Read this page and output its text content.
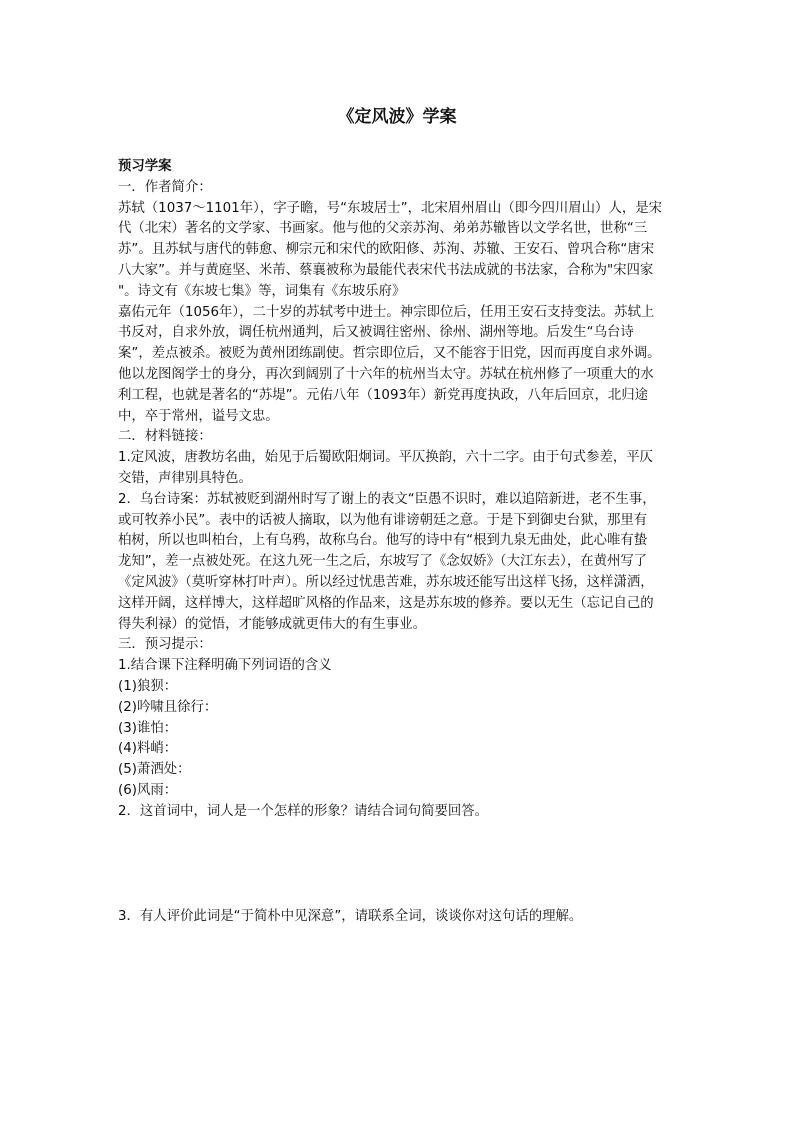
《定风波》学案

预习学案

一．作者简介：

苏轼（1037～1101年），字子瞻，号“东坡居士”，北宋眉州眉山（即今四川眉山）人，是宋

代（北宋）著名的文学家、书画家。他与他的父亲苏洵、弟弟苏辙皆以文学名世，世称“三

苏”。且苏轼与唐代的韩愈、柳宗元和宋代的欧阳修、苏洵、苏辙、王安石、曾巩合称“唐宋

八大家”。并与黄庭坚、米芾、蔡襄被称为最能代表宋代书法成就的书法家，合称为"宋四家

"。诗文有《东坡七集》等，词集有《东坡乐府》

嘉佑元年（1056年），二十岁的苏轼考中进士。神宗即位后，任用王安石支持变法。苏轼上

书反对，自求外放，调任杭州通判，后又被调往密州、徐州、湖州等地。后发生“乌台诗

案”，差点被杀。被贬为黄州团练副使。哲宗即位后，又不能容于旧党，因而再度自求外调。

他以龙图阁学士的身分，再次到阔别了十六年的杭州当太守。苏轼在杭州修了一项重大的水

利工程，也就是著名的“苏堤”。元佑八年（1093年）新党再度执政，八年后回京，北归途

中，卒于常州，谥号文忠。

二．材料链接：

1.定风波，唐教坊名曲，始见于后蜀欧阳炯词。平仄换韵，六十二字。由于句式参差，平仄

交错，声律别具特色。

2．乌台诗案：苏轼被贬到湖州时写了谢上的表文“臣愚不识时，难以追陪新进，老不生事，

或可牧养小民”。表中的话被人摘取，以为他有诽谤朝廷之意。于是下到御史台狱，那里有

柏树，所以也叫柏台，上有乌鸦，故称乌台。他写的诗中有“根到九泉无曲处，此心唯有蛰

龙知”，差一点被处死。在这九死一生之后，东坡写了《念奴娇》（大江东去），在黄州写了

《定风波》（莫听穿林打叶声）。所以经过忧患苦难，苏东坡还能写出这样飞扬，这样潇洒，

这样开阔，这样博大，这样超旷风格的作品来，这是苏东坡的修养。要以无生（忘记自己的

得失利禄）的觉悟，才能够成就更伟大的有生事业。

三．预习提示：

1.结合课下注释明确下列词语的含义

(1)狼狈：

(2)吟啸且徐行：

(3)谁怕：

(4)料峭：

(5)萧洒处：

(6)风雨：

2．这首词中，词人是一个怎样的形象？请结合词句简要回答。

3．有人评价此词是“于简朴中见深意”，请联系全词，谈谈你对这句话的理解。
